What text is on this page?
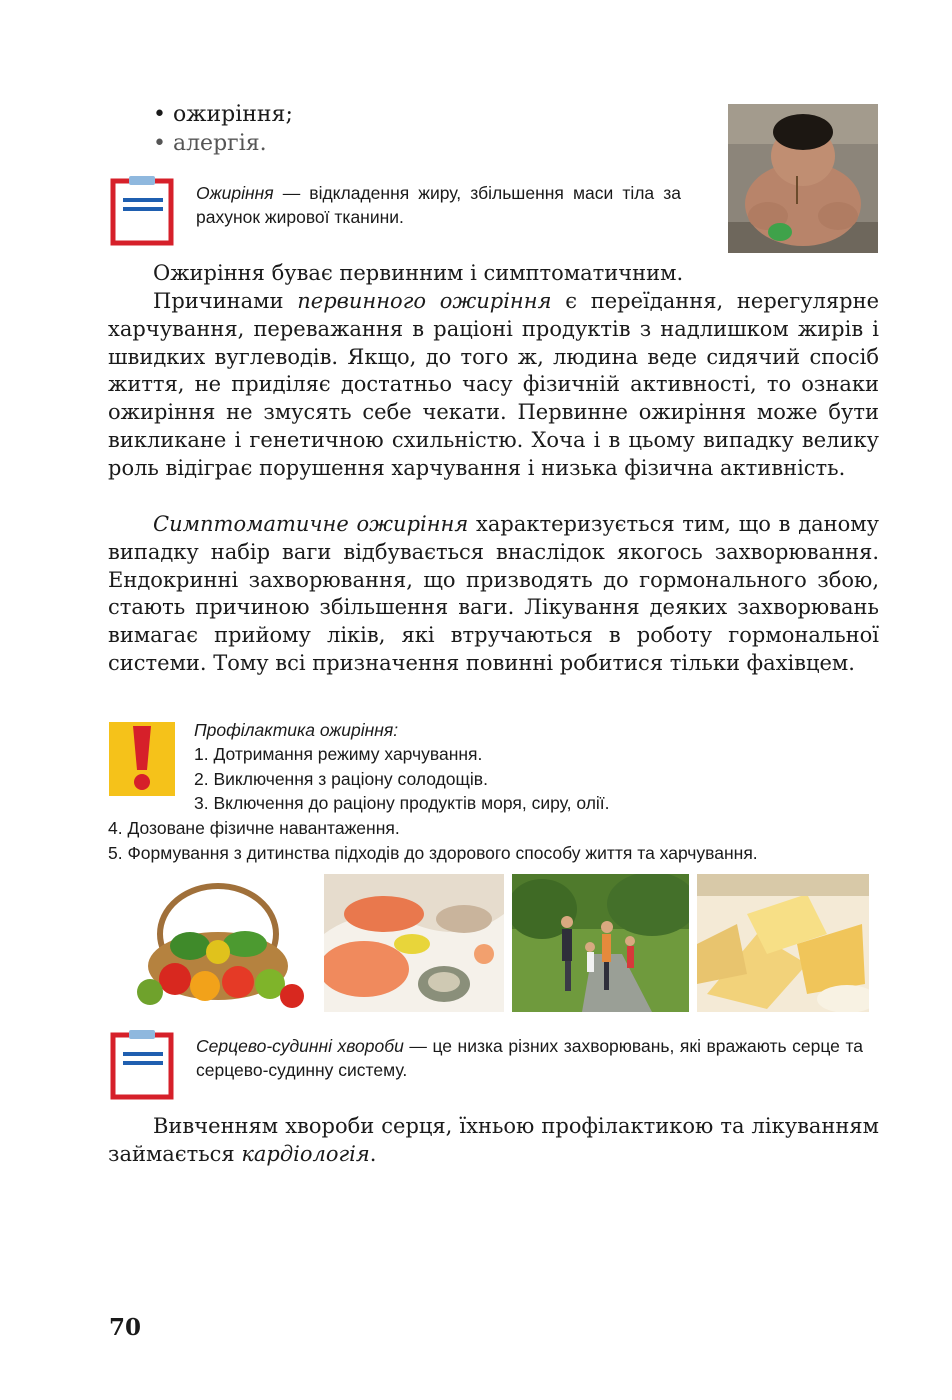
• ожиріння;
• алергія.
Ожиріння — відкладення жиру, збільшення маси тіла за рахунок жирової тканини.
Ожиріння буває первинним і симптоматичним.
Причинами первинного ожиріння є переїдання, нерегулярне харчування, переважання в раціоні продуктів з надлишком жирів і швидких вуглеводів. Якщо, до того ж, людина веде сидячий спосіб життя, не приділяє достатньо часу фізичній активності, то ознаки ожиріння не змусять себе чекати. Первинне ожиріння може бути викликане і генетичною схильністю. Хоча і в цьому випадку велику роль відіграє порушення харчування і низька фізична активність.
Симптоматичне ожиріння характеризується тим, що в даному випадку набір ваги відбувається внаслідок якогось захворювання. Ендокринні захворювання, що призводять до гормонального збою, стають причиною збільшення ваги. Лікування деяких захворювань вимагає прийому ліків, які втручаються в роботу гормональної системи. Тому всі призначення повинні робитися тільки фахівцем.
Профілактика ожиріння:
1. Дотримання режиму харчування.
2. Виключення з раціону солодощів.
3. Включення до раціону продуктів моря, сиру, олії.
4. Дозоване фізичне навантаження.
5. Формування з дитинства підходів до здорового способу життя та харчування.
Серцево-судинні хвороби — це низка різних захворювань, які вражають серце та серцево-судинну систему.
Вивченням хвороби серця, їхньою профілактикою та лікуванням займається кардіологія.
70
